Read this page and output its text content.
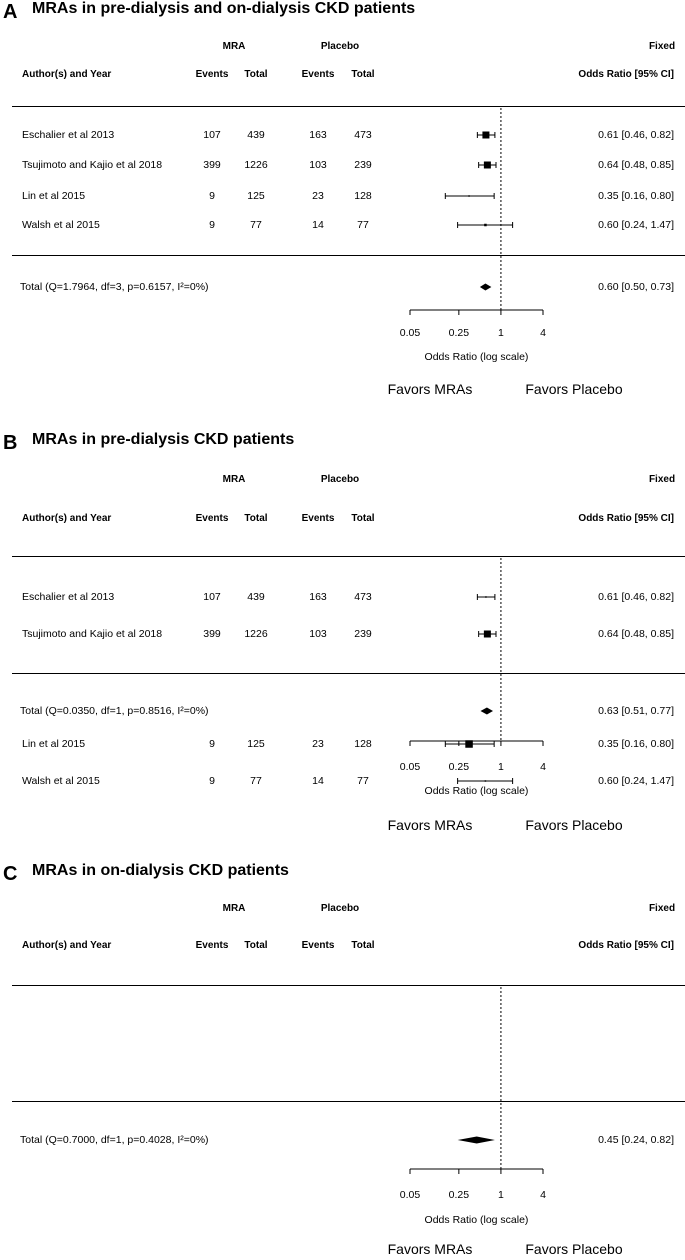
A MRAs in pre-dialysis and on-dialysis CKD patients
MRA	Placebo	Fixed
Author(s) and Year	Events Total	Events Total	Odds Ratio [95% CI]
Eschalier et al 2013	107	439	163	473	0.61 [0.46, 0.82]
Tsujimoto and Kajio et al 2018	399 1226	103	239	0.64 [0.48, 0.85]
Lin et al 2015	9	125	23	128	0.35 [0.16, 0.80]
Walsh et al 2015	9	77	14	77	0.60 [0.24, 1.47]
Total (Q=1.7964, df=3, p=0.6157, I²=0%)	0.60 [0.50, 0.73]
0.05	0.25	1	4
Odds Ratio (log scale)
Favors MRAs	Favors Placebo
B MRAs in pre-dialysis CKD patients
MRA	Placebo	Fixed
Author(s) and Year	Events Total	Events Total	Odds Ratio [95% CI]
Eschalier et al 2013	107	439	163	473	0.61 [0.46, 0.82]
Tsujimoto and Kajio et al 2018	399 1226	103	239	0.64 [0.48, 0.85]
Total (Q=0.0350, df=1, p=0.8516, I²=0%)	0.63 [0.51, 0.77]
0.05	0.25	1	4
Odds Ratio (log scale)
Favors MRAs	Favors Placebo
C MRAs in on-dialysis CKD patients
MRA	Placebo	Fixed
Author(s) and Year	Events Total	Events Total	Odds Ratio [95% CI]
Lin et al 2015	9	125	23	128	0.35 [0.16, 0.80]
Walsh et al 2015	9	77	14	77	0.60 [0.24, 1.47]
Total (Q=0.7000, df=1, p=0.4028, I²=0%)	0.45 [0.24, 0.82]
0.05	0.25	1	4
Odds Ratio (log scale)
Favors MRAs	Favors Placebo
